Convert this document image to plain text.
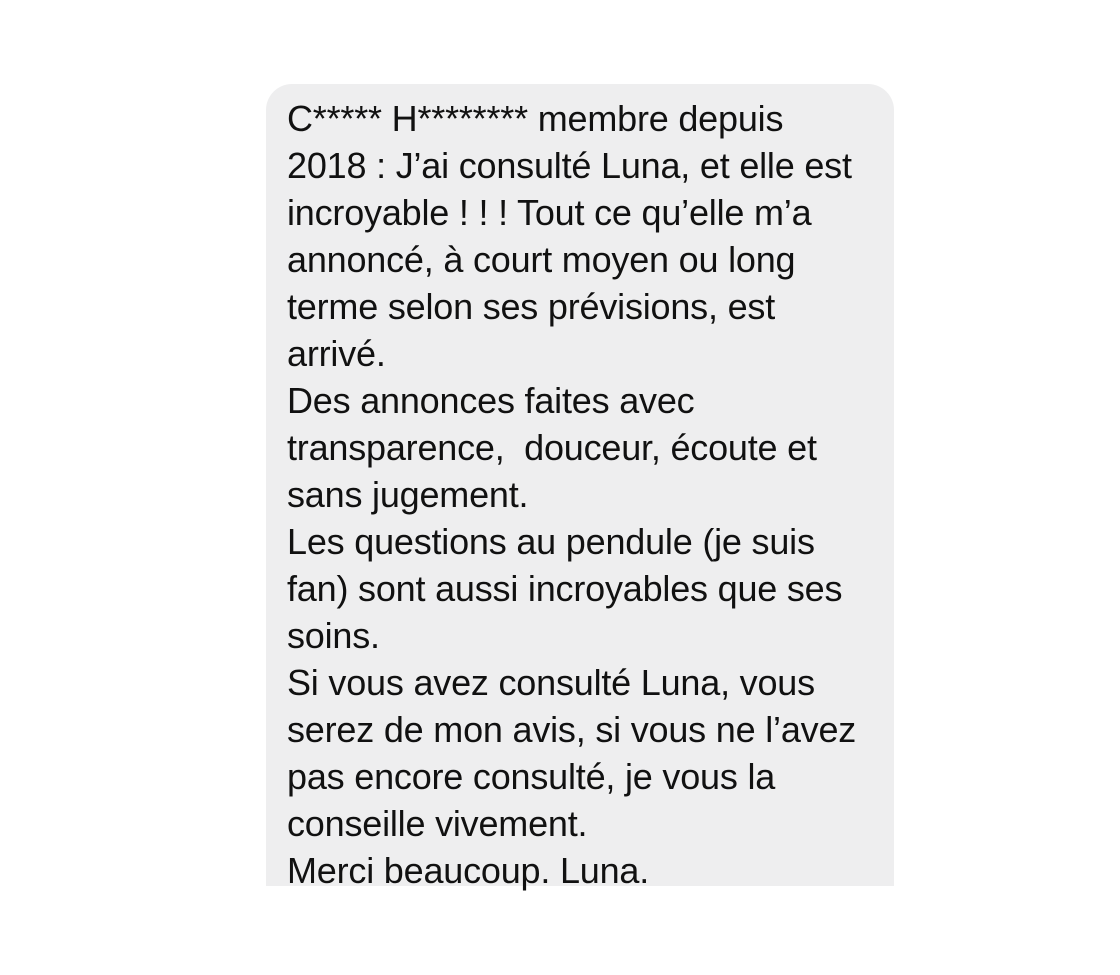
C***** H******** membre depuis
2018 : J’ai consulté Luna, et elle est
incroyable ! ! ! Tout ce qu’elle m’a
annoncé, à court moyen ou long
terme selon ses prévisions, est
arrivé.
Des annonces faites avec
transparence,  douceur, écoute et
sans jugement.
Les questions au pendule (je suis
fan) sont aussi incroyables que ses
soins.
Si vous avez consulté Luna, vous
serez de mon avis, si vous ne l’avez
pas encore consulté, je vous la
conseille vivement.
Merci beaucoup. Luna.
